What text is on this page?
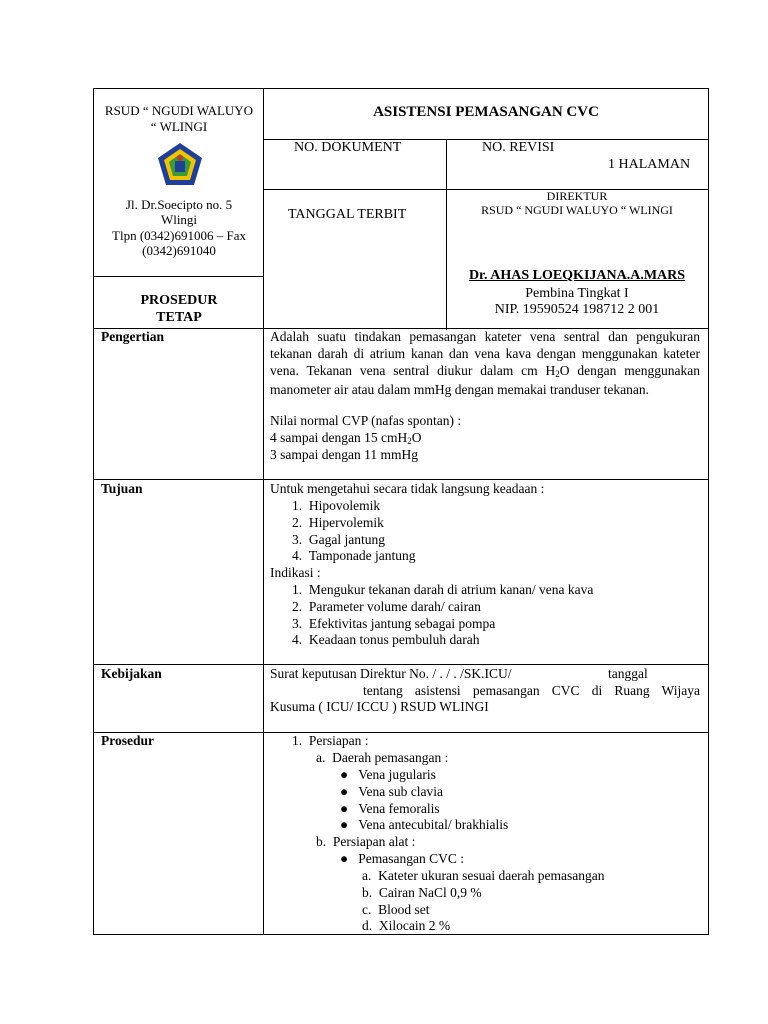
RSUD “ NGUDI WALUYO “ WLINGI
Jl. Dr.Soecipto no. 5
Wlingi
Tlpn (0342)691006 – Fax
(0342)691040
PROSEDUR
TETAP
ASISTENSI PEMASANGAN CVC
NO. DOKUMENT	NO. REVISI
1 HALAMAN
TANGGAL TERBIT
DIREKTUR
RSUD “ NGUDI WALUYO “ WLINGI
Dr. AHAS LOEQKIJANA.A.MARS
Pembina Tingkat I
NIP. 19590524 198712 2 001
Pengertian	Adalah suatu tindakan pemasangan kateter vena sentral dan pengukuran tekanan darah di atrium kanan dan vena kava dengan menggunakan kateter vena. Tekanan vena sentral diukur dalam cm $H_2O$ dengan menggunakan manometer air atau dalam mmHg dengan memakai tranduser tekanan.
Nilai normal CVP (nafas spontan) :
4 sampai dengan 15 cmH$_2$O
3 sampai dengan 11 mmHg
Tujuan	Untuk mengetahui secara tidak langsung keadaan :
1. Hipovolemik
2. Hipervolemik
3. Gagal jantung
4. Tamponade jantung
Indikasi :
1. Mengukur tekanan darah di atrium kanan/ vena kava
2. Parameter volume darah/ cairan
3. Efektivitas jantung sebagai pompa
4. Keadaan tonus pembuluh darah
Kebijakan	Surat keputusan Direktur No. / . / . /SK.ICU/	tanggal
tentang asistensi pemasangan CVC di Ruang Wijaya
Kusuma ( ICU/ ICCU ) RSUD WLINGI
Prosedur	1. Persiapan :
a. Daerah pemasangan :
● Vena jugularis
● Vena sub clavia
● Vena femoralis
● Vena antecubital/ brakhialis
b. Persiapan alat :
● Pemasangan CVC :
a. Kateter ukuran sesuai daerah pemasangan
b. Cairan NaCl 0,9 %
c. Blood set
d. Xilocain 2 %
